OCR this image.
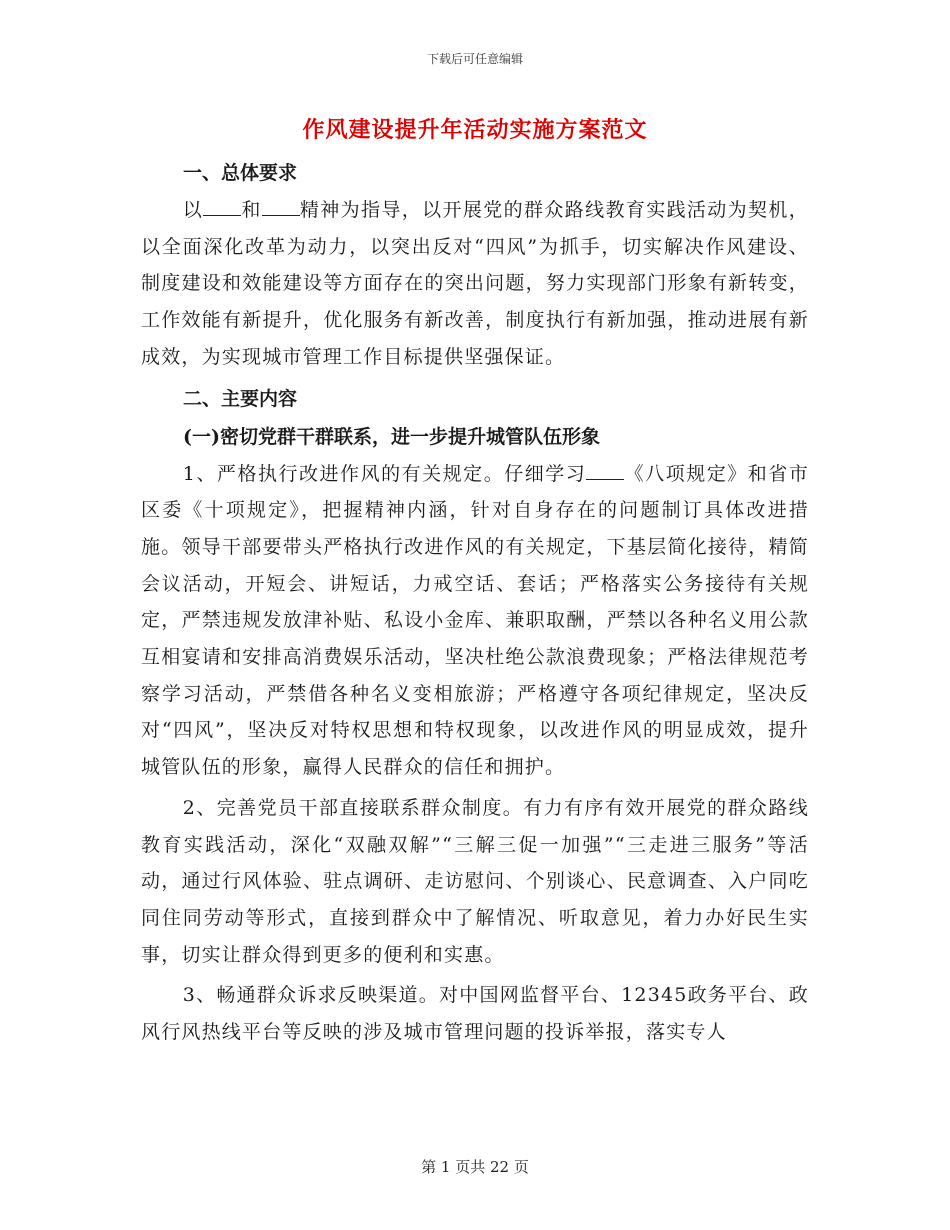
下载后可任意编辑
作风建设提升年活动实施方案范文
一、总体要求

以 和 精神为指导，以开展党的群众路线教育实践活动为契机，以全面深化改革为动力，以突出反对“四风”为抓手，切实解决作风建设、制度建设和效能建设等方面存在的突出问题，努力实现部门形象有新转变，工作效能有新提升，优化服务有新改善，制度执行有新加强，推动进展有新成效，为实现城市管理工作目标提供坚强保证。

二、主要内容
(一)密切党群干群联系，进一步提升城管队伍形象

1、严格执行改进作风的有关规定。仔细学习 《八项规定》和省市区委《十项规定》，把握精神内涵，针对自身存在的问题制订具体改进措施。领导干部要带头严格执行改进作风的有关规定，下基层简化接待，精简会议活动，开短会、讲短话，力戒空话、套话；严格落实公务接待有关规定，严禁违规发放津补贴、私设小金库、兼职取酬，严禁以各种名义用公款互相宴请和安排高消费娱乐活动，坚决杜绝公款浪费现象；严格法律规范考察学习活动，严禁借各种名义变相旅游；严格遵守各项纪律规定，坚决反对“四风”，坚决反对特权思想和特权现象，以改进作风的明显成效，提升城管队伍的形象，赢得人民群众的信任和拥护。

2、完善党员干部直接联系群众制度。有力有序有效开展党的群众路线教育实践活动，深化“双融双解”“三解三促一加强”“三走进三服务”等活动，通过行风体验、驻点调研、走访慰问、个别谈心、民意调查、入户同吃同住同劳动等形式，直接到群众中了解情况、听取意见，着力办好民生实事，切实让群众得到更多的便利和实惠。

3、畅通群众诉求反映渠道。对中国网监督平台、12345政务平台、政风行风热线平台等反映的涉及城市管理问题的投诉举报，落实专人

第 1 页共 22 页
